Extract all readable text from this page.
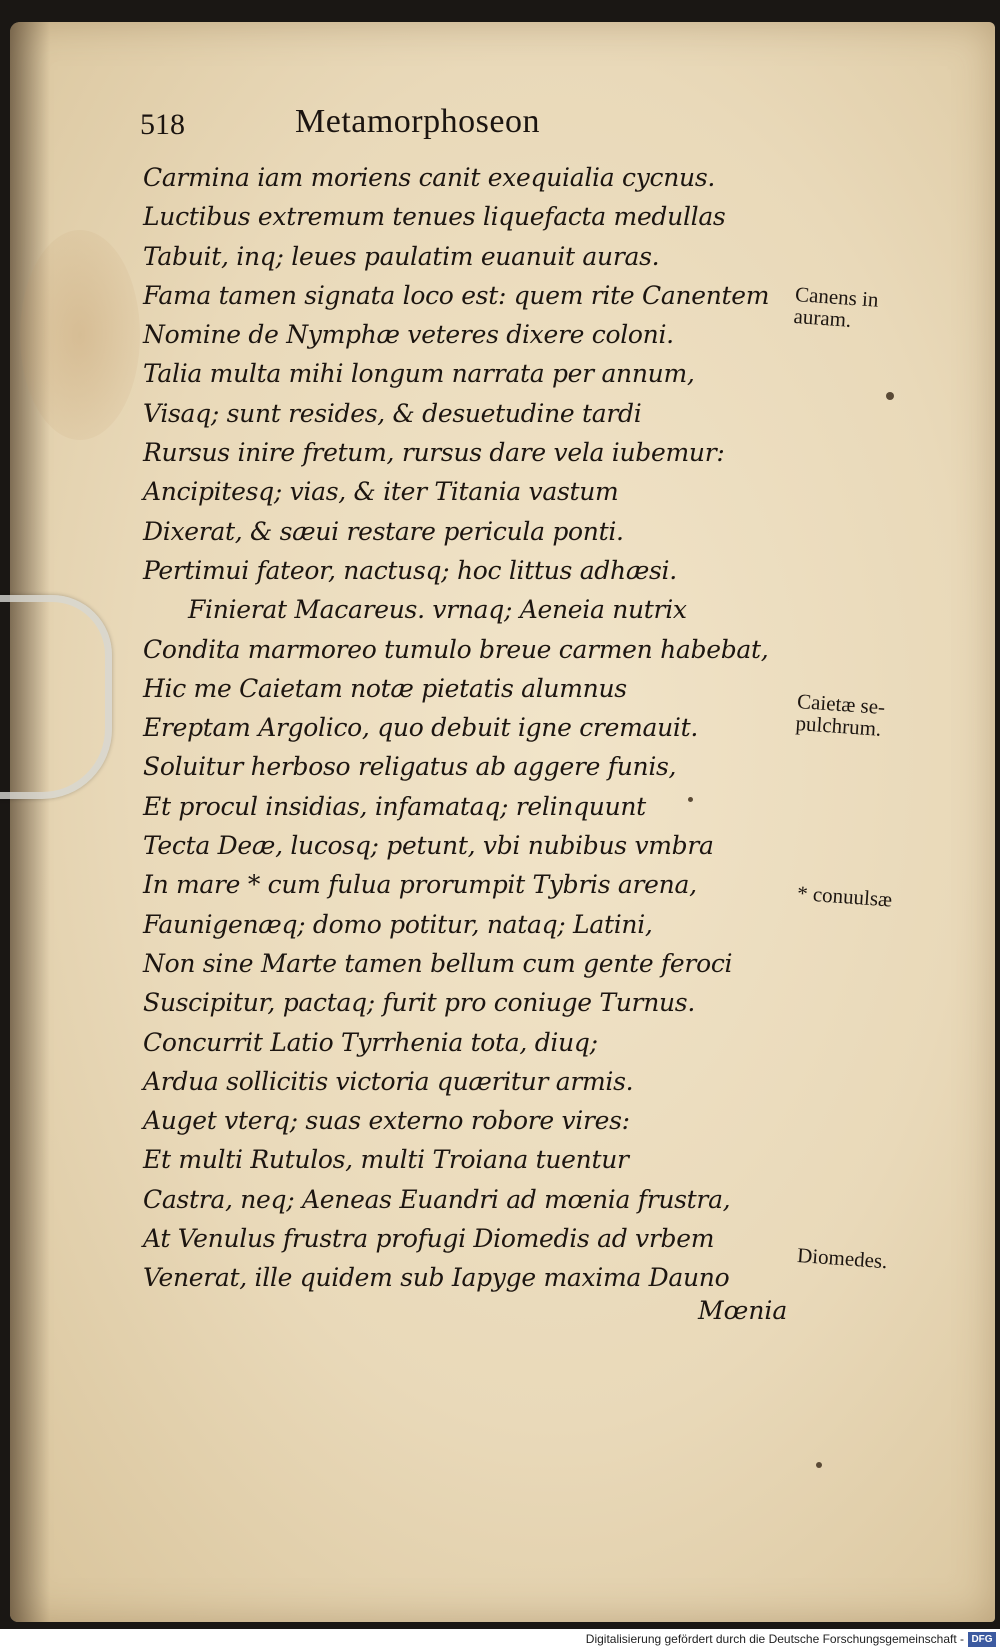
518	Metamorphoseon
Carmina iam moriens canit exequialia cycnus.
Luctibus extremum tenues liquefacta medullas
Tabuit, inq; leues paulatim euanuit auras.
Fama tamen signata loco est: quem rite Canentem
Nomine de Nymphæ veteres dixere coloni.
Talia multa mihi longum narrata per annum,
Visaq; sunt resides, & desuetudine tardi
Rursus inire fretum, rursus dare vela iubemur:
Ancipitesq; vias, & iter Titania vastum
Dixerat, & sæui restare pericula ponti.
Pertimui fateor, nactusq; hoc littus adhæsi.
Finierat Macareus. vrnaq; Aeneia nutrix
Condita marmoreo tumulo breue carmen habebat,
Hic me Caietam notæ pietatis alumnus
Ereptam Argolico, quo debuit igne cremauit.
Soluitur herboso religatus ab aggere funis,
Et procul insidias, infamataq; relinquunt
Tecta Deæ, lucosq; petunt, vbi nubibus vmbra
In mare * cum fulua prorumpit Tybris arena,
Faunigenæq; domo potitur, nataq; Latini,
Non sine Marte tamen bellum cum gente feroci
Suscipitur, pactaq; furit pro coniuge Turnus.
Concurrit Latio Tyrrhenia tota, diuq;
Ardua sollicitis victoria quæritur armis.
Auget vterq; suas externo robore vires:
Et multi Rutulos, multi Troiana tuentur
Castra, neq; Aeneas Euandri ad mœnia frustra,
At Venulus frustra profugi Diomedis ad vrbem
Venerat, ille quidem sub Iapyge maxima Dauno
Mœnia
Canens in
auram.
Caietæ se-
pulchrum.
* conuulsæ
Diomedes.
Digitalisierung gefördert durch die Deutsche Forschungsgemeinschaft - DFG
